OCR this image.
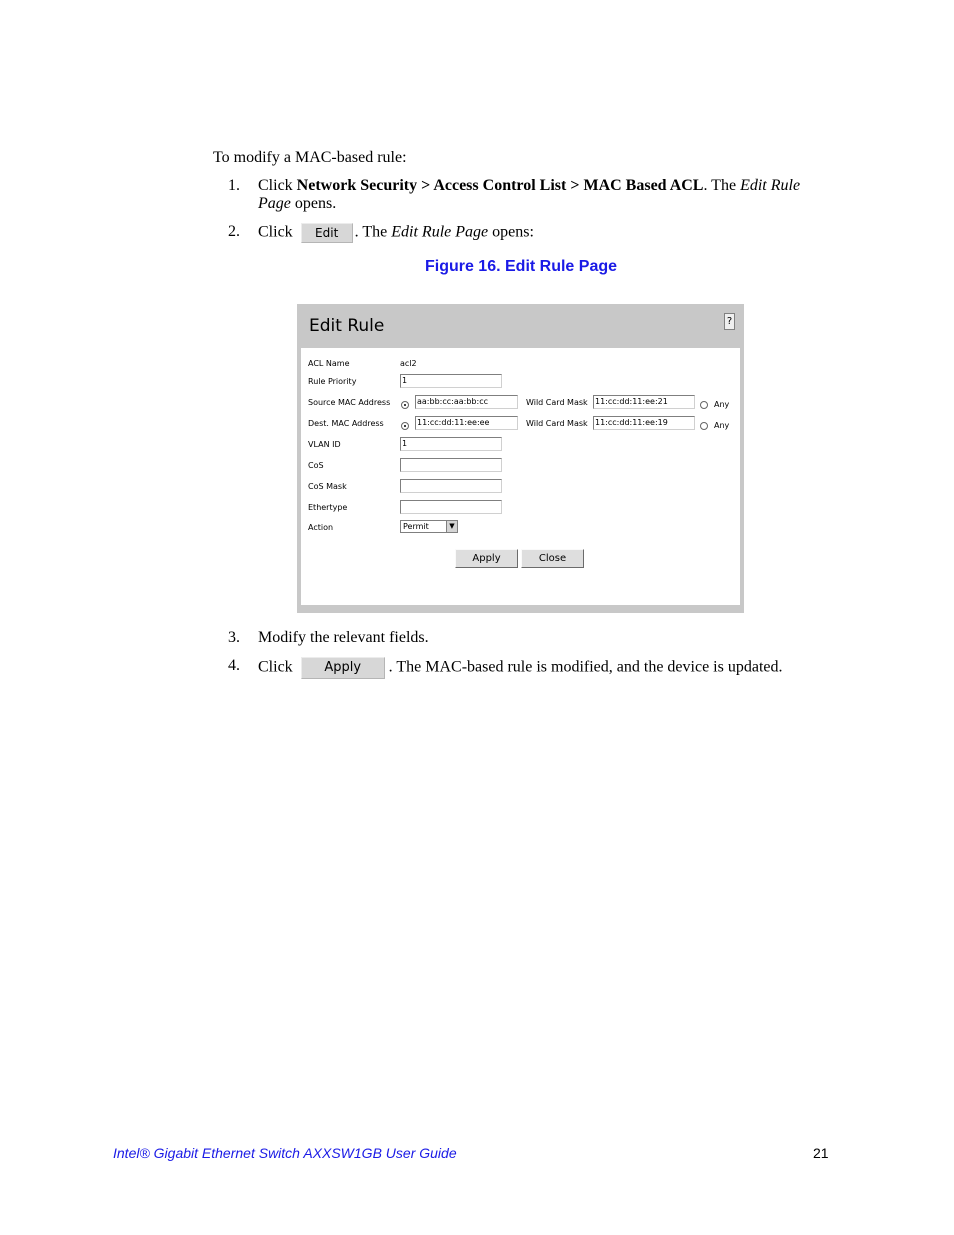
To modify a MAC-based rule:
1. Click Network Security > Access Control List > MAC Based ACL. The Edit Rule Page opens.
2. Click Edit . The Edit Rule Page opens:
Figure 16. Edit Rule Page
Edit Rule	?
ACL Name	acl2
Rule Priority	1
Source MAC Address	aa:bb:cc:aa:bb:cc	Wild Card Mask 11:cc:dd:11:ee:21	Any
Dest. MAC Address	11:cc:dd:11:ee:ee	Wild Card Mask 11:cc:dd:11:ee:19	Any
VLAN ID	1
CoS
CoS Mask
Ethertype
Action	Permit	▼
Apply	Close
3. Modify the relevant fields.
4. Click Apply . The MAC-based rule is modified, and the device is updated.
Intel® Gigabit Ethernet Switch AXXSW1GB User Guide	21
